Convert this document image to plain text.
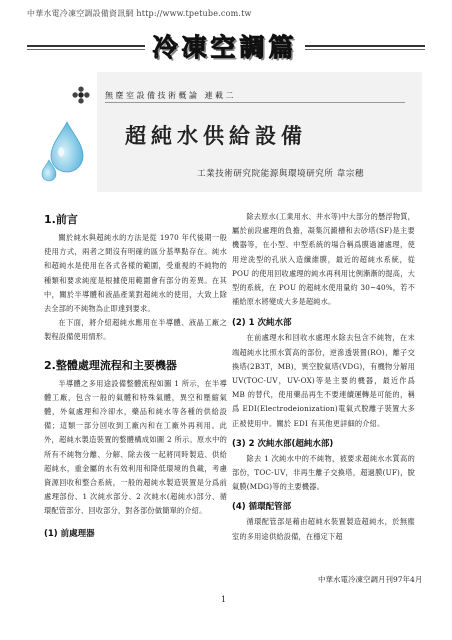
中華水電冷凍空調設備資訊網 http://www.tpetube.com.tw
冷凍空調篇
無塵室設備技術概論 連載二
超純水供給設備
工業技術研究院能源與環境研究所 韋宗穗
1.前言

關於純水與超純水的方法是從 1970 年代後期一般使用方式，兩者之間沒有明確的區分基準點存在。純水和超純水是使用在各式各樣的範圍，受重視的不純物的種類和要求純度是根據使用範圍會有部分的差異。在其中，關於半導體和液晶產業對超純水的使用，大致上除去全部的不純物為止即達到要求。

在下面，將介紹超純水應用在半導體、液晶工廠之製程設備使用情形。

2.整體處理流程和主要機器

半導體之多用途設備整體流程如圖 1 所示，在半導體工廠，包含一般的氣體和特殊氣體，異空和壓縮氣體，外氣處理和冷卻水，藥品和純水等各種的供給設備；這類一部分回收到工廠內和在工廠外再利用。此外，超純水製造裝置的整體構成如圖 2 所示。原水中的所有不純物分離、分解、除去後一起將同時製造、供給超純水，重金屬的水有效利用和降低環境的負載，考慮資源回收和整合系統，一般的超純水製造裝置是分爲前處理部份、1 次純水部分、2 次純水(超純水)部分、循環配管部分、回收部分，對各部份做簡單的介紹。

(1) 前處理器

除去原水(工業用水、井水等)中大部分的懸浮物質，屬於前段處理的負擔，凝集沉澱槽和去砂塔(SF)是主要機器等，在小型、中型系統的場合稱爲膜過濾處理，使用逆洗型的孔狀入造纖維膜，最近的超純水系統，從 POU 的使用回收處理的純水再利用比例漸漸的提高，大型的系統，在 POU 的超純水使用量約 30~40%，若不補給原水將變成大多是超純水。

(2) 1 次純水部

在前處理水和回收水處理水除去包含不純物，在末端超純水比照水質高的部份，逆滲透裝置(RO)，離子交換塔(2B3T，MB)，異空脫氣塔(VDG)，有機物分解用 UV(TOC-UV，UV-OX)等是主要的機器，最近作爲 MB 的替代，使用藥品再生不要連續運轉是可能的，稱爲 EDI(Electrodeionization)電氣式脫離子裝置大多正被使用中。關於 EDI 有其他更詳細的介紹。

(3) 2 次純水部(超純水部)

除去 1 次純水中的不純物，被要求超純水水質高的部份，TOC-UV，非再生離子交換塔，超過膜(UF)，脫氣膜(MDG)等的主要機器。

(4) 循環配管部

循環配管部是藉由超純水裝置製造超純水，於無塵室的多用途供給設備，在穩定下超

中華水電冷凍空調月刊97年4月
1
